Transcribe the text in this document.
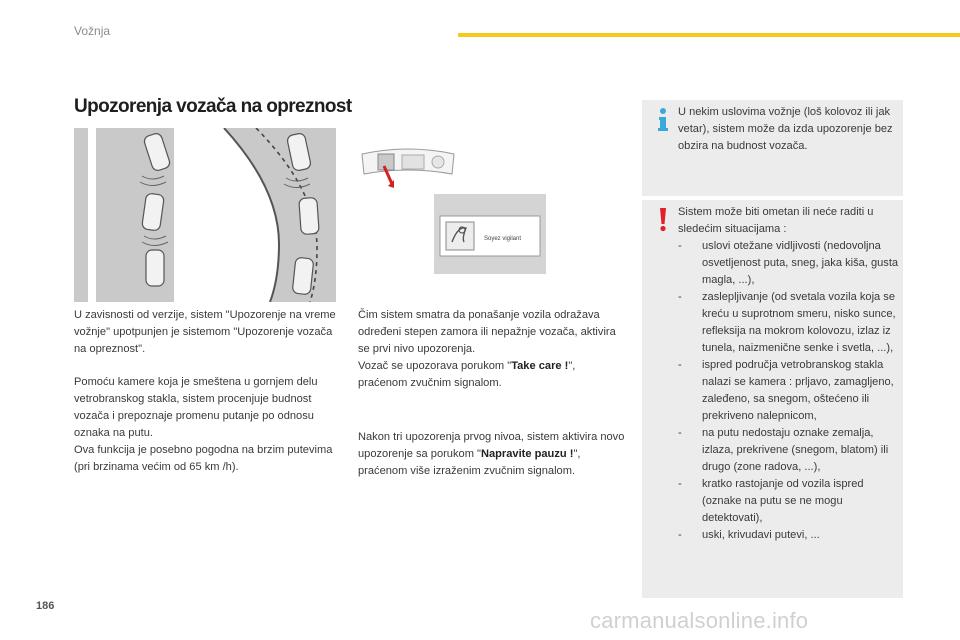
Vožnja
Upozorenja vozača na opreznost
Soyez vigilant

U zavisnosti od verzije, sistem "Upozorenje na vreme vožnje" upotpunjen je sistemom "Upozorenje vozača na opreznost".

Pomoću kamere koja je smeštena u gornjem delu vetrobranskog stakla, sistem procenjuje budnost vozača i prepoznaje promenu putanje po odnosu oznaka na putu.

Ova funkcija je posebno pogodna na brzim putevima (pri brzinama većim od 65 km /h).

Čim sistem smatra da ponašanje vozila odražava određeni stepen zamora ili nepažnje vozača, aktivira se prvi nivo upozorenja.

Vozač se upozorava porukom "Take care !", praćenom zvučnim signalom.

Nakon tri upozorenja prvog nivoa, sistem aktivira novo upozorenje sa porukom "Napravite pauzu !", praćenom više izraženim zvučnim signalom.

U nekim uslovima vožnje (loš kolovoz ili jak vetar), sistem može da izda upozorenje bez obzira na budnost vozača.
Sistem može biti ometan ili neće raditi u sledećim situacijama :
- uslovi otežane vidljivosti (nedovoljna osvetljenost puta, sneg, jaka kiša, gusta magla, ...),
- zaslepljivanje (od svetala vozila koja se kreću u suprotnom smeru, nisko sunce, refleksija na mokrom kolovozu, izlaz iz tunela, naizmenične senke i svetla, ...),
- ispred područja vetrobranskog stakla nalazi se kamera : prljavo, zamagljeno, zaleđeno, sa snegom, oštećeno ili prekriveno nalepnicom,
- na putu nedostaju oznake zemalja, izlaza, prekrivene (snegom, blatom) ili drugo (zone radova, ...),
- kratko rastojanje od vozila ispred (oznake na putu se ne mogu detektovati),
- uski, krivudavi putevi, ...
186
carmanualsonline.info
